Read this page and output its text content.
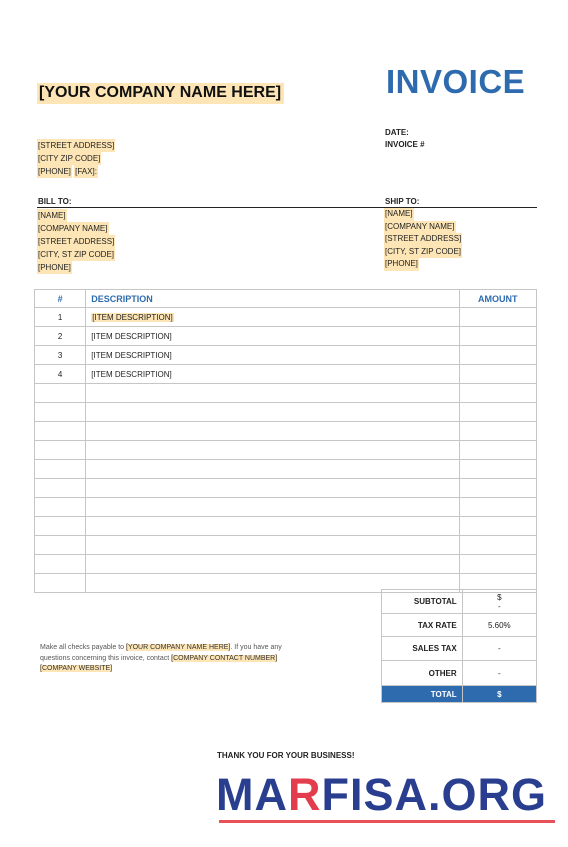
[YOUR COMPANY NAME HERE]	INVOICE
[STREET ADDRESS]
[CITY ZIP CODE]
[PHONE] [FAX]:
DATE:
INVOICE #
BILL TO:	SHIP TO:
[NAME]
[COMPANY NAME]
[STREET ADDRESS]
[CITY, ST ZIP CODE]
[PHONE]
[NAME]
[COMPANY NAME]
[STREET ADDRESS]
[CITY, ST ZIP CODE]
[PHONE]
#	DESCRIPTION	AMOUNT
1	[ITEM DESCRIPTION]	
2	[ITEM DESCRIPTION]	
3	[ITEM DESCRIPTION]	
4	[ITEM DESCRIPTION]	

SUBTOTAL	$
-
TAX RATE	5.60%
SALES TAX	-
OTHER	-
TOTAL	$
Make all checks payable to [YOUR COMPANY NAME HERE]. If you have any questions concerning this invoice, contact [COMPANY CONTACT NUMBER]
[COMPANY WEBSITE]
THANK YOU FOR YOUR BUSINESS!
MARFISA.ORG
